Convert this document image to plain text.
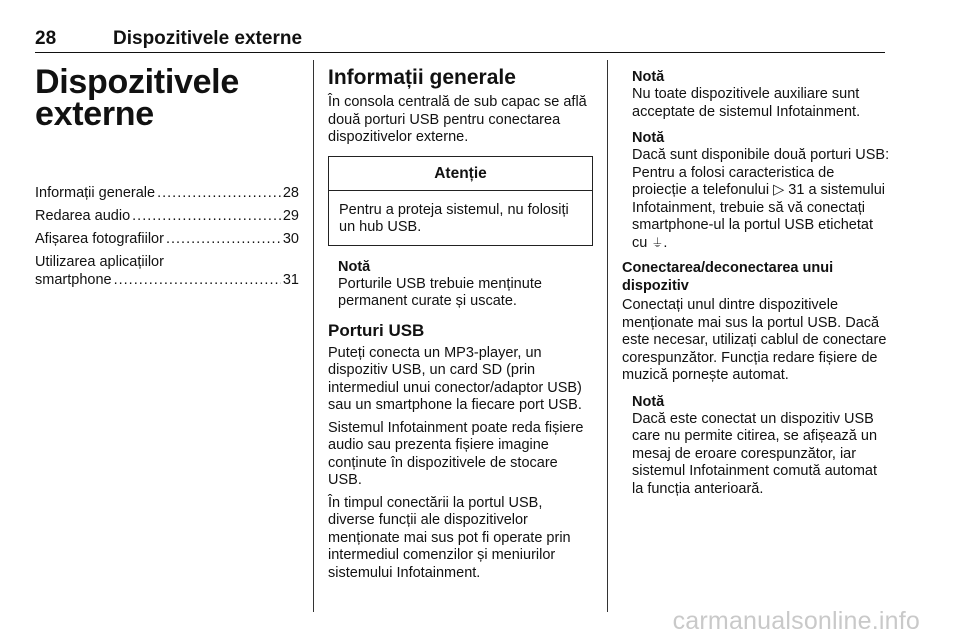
28	Dispozitivele externe
Dispozitivele
externe
Informații generale .....	28
Redarea audio .....	29
Afișarea fotografiilor .....	30
Utilizarea aplicațiilor
smartphone .....	31
Informații generale

În consola centrală de sub capac se află două porturi USB pentru conectarea dispozitivelor externe.

Atenție
Pentru a proteja sistemul, nu folosiți un hub USB.
Notă
Porturile USB trebuie menținute permanent curate și uscate.
Porturi USB

Puteți conecta un MP3-player, un dispozitiv USB, un card SD (prin intermediul unui conector/adaptor USB) sau un smartphone la fiecare port USB.

Sistemul Infotainment poate reda fișiere audio sau prezenta fișiere imagine conținute în dispozitivele de stocare USB.

În timpul conectării la portul USB, diverse funcții ale dispozitivelor menționate mai sus pot fi operate prin intermediul comenzilor și meniurilor sistemului Infotainment.

Notă
Nu toate dispozitivele auxiliare sunt acceptate de sistemul Infotainment.
Notă
Dacă sunt disponibile două porturi USB: Pentru a folosi caracteristica de proiecție a telefonului ▷ 31 a sistemului Infotainment, trebuie să vă conectați smartphone-ul la portul USB etichetat cu ⏚.
Conectarea/deconectarea unui dispozitiv

Conectați unul dintre dispozitivele menționate mai sus la portul USB. Dacă este necesar, utilizați cablul de conectare corespunzător. Funcția redare fișiere de muzică pornește automat.

Notă
Dacă este conectat un dispozitiv USB care nu permite citirea, se afișează un mesaj de eroare corespunzător, iar sistemul Infotainment comută automat la funcția anterioară.
carmanualsonline.info
